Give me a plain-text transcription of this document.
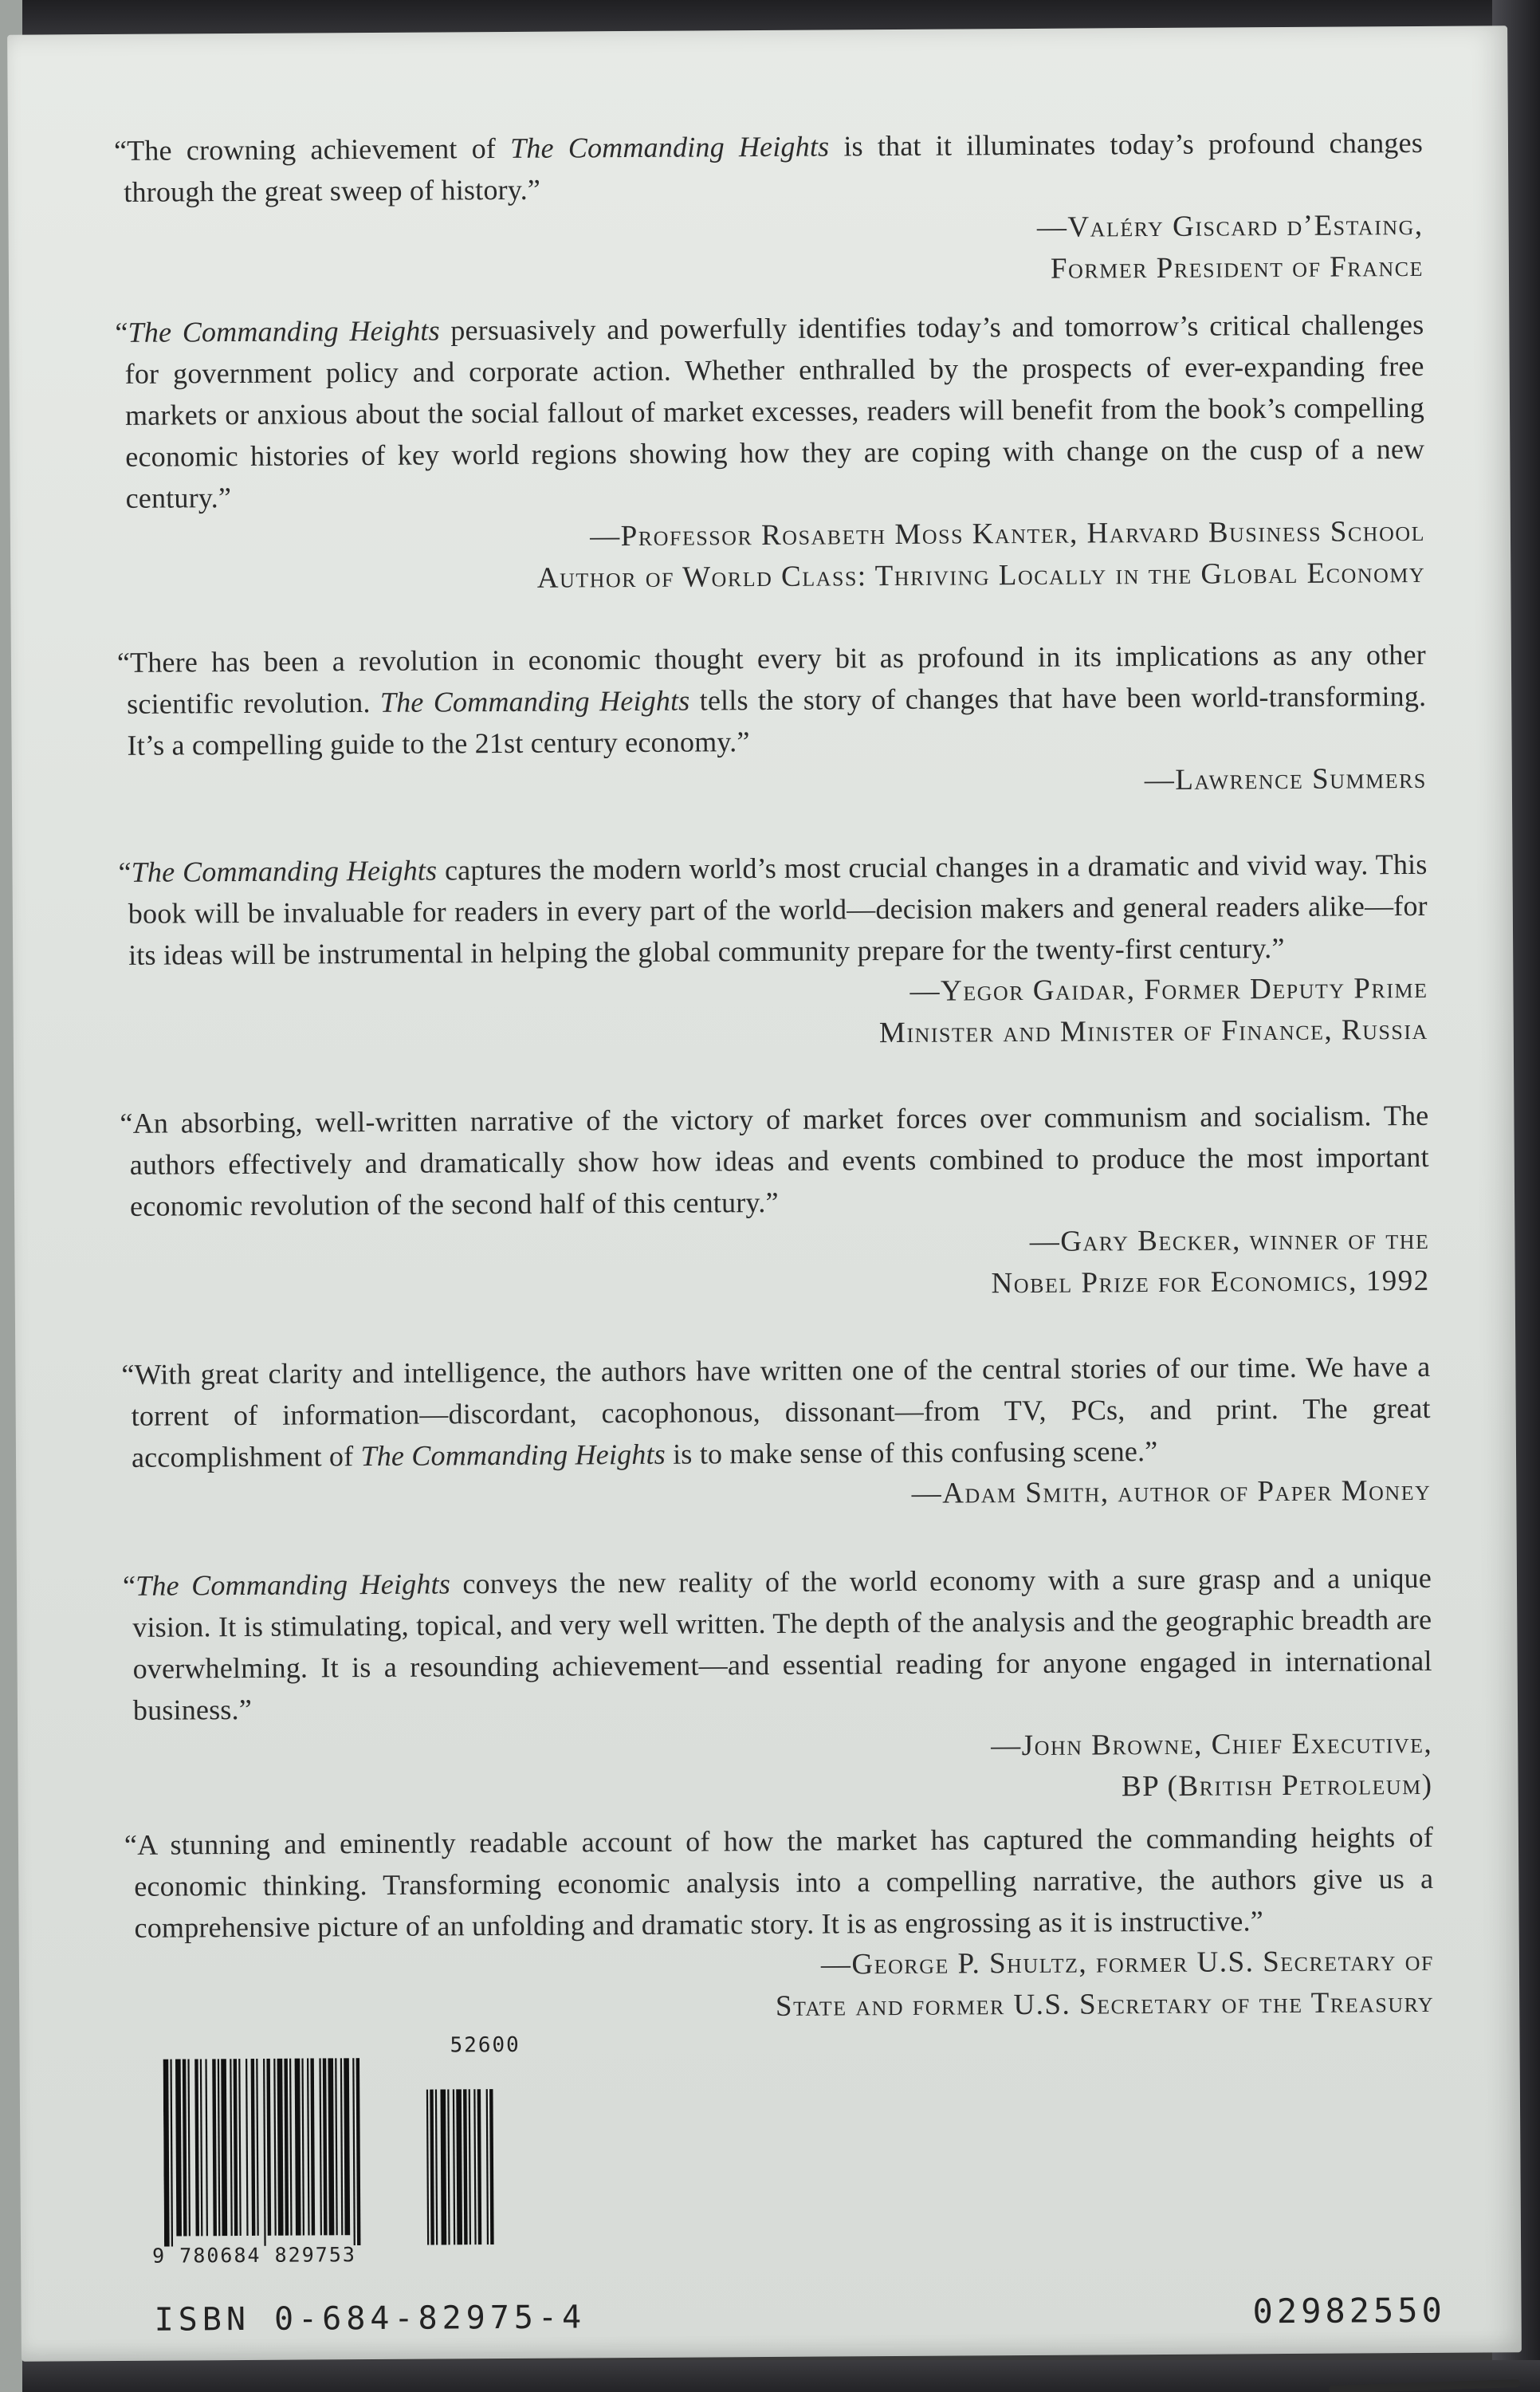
“The crowning achievement of The Commanding Heights is that it illuminates today’s profound changes through the great sweep of history.”

—Valéry Giscard d’Estaing,
Former President of France

“The Commanding Heights persuasively and powerfully identifies today’s and tomorrow’s critical challenges for government policy and corporate action. Whether enthralled by the prospects of ever-expanding free markets or anxious about the social fallout of market excesses, readers will benefit from the book’s compelling economic histories of key world regions showing how they are coping with change on the cusp of a new century.”

—Professor Rosabeth Moss Kanter, Harvard Business School
Author of World Class: Thriving Locally in the Global Economy

“There has been a revolution in economic thought every bit as profound in its implications as any other scientific revolution. The Commanding Heights tells the story of changes that have been world-transforming. It’s a compelling guide to the 21st century economy.”

—Lawrence Summers

“The Commanding Heights captures the modern world’s most crucial changes in a dramatic and vivid way. This book will be invaluable for readers in every part of the world—decision makers and general readers alike—for its ideas will be instrumental in helping the global community prepare for the twenty-first century.”

—Yegor Gaidar, Former Deputy Prime
Minister and Minister of Finance, Russia

“An absorbing, well-written narrative of the victory of market forces over communism and socialism. The authors effectively and dramatically show how ideas and events combined to produce the most important economic revolution of the second half of this century.”

—Gary Becker, winner of the
Nobel Prize for Economics, 1992

“With great clarity and intelligence, the authors have written one of the central stories of our time. We have a torrent of information—discordant, cacophonous, dissonant—from TV, PCs, and print. The great accomplishment of The Commanding Heights is to make sense of this confusing scene.”

—Adam Smith, author of Paper Money

“The Commanding Heights conveys the new reality of the world economy with a sure grasp and a unique vision. It is stimulating, topical, and very well written. The depth of the analysis and the geographic breadth are overwhelming. It is a resounding achievement—and essential reading for anyone engaged in international business.”

—John Browne, Chief Executive,
BP (British Petroleum)

“A stunning and eminently readable account of how the market has captured the commanding heights of economic thinking. Transforming economic analysis into a compelling narrative, the authors give us a comprehensive picture of an unfolding and dramatic story. It is as engrossing as it is instructive.”

—George P. Shultz, former U.S. Secretary of
State and former U.S. Secretary of the Treasury
9 780684 829753
52600
ISBN 0-684-82975-4	02982550
